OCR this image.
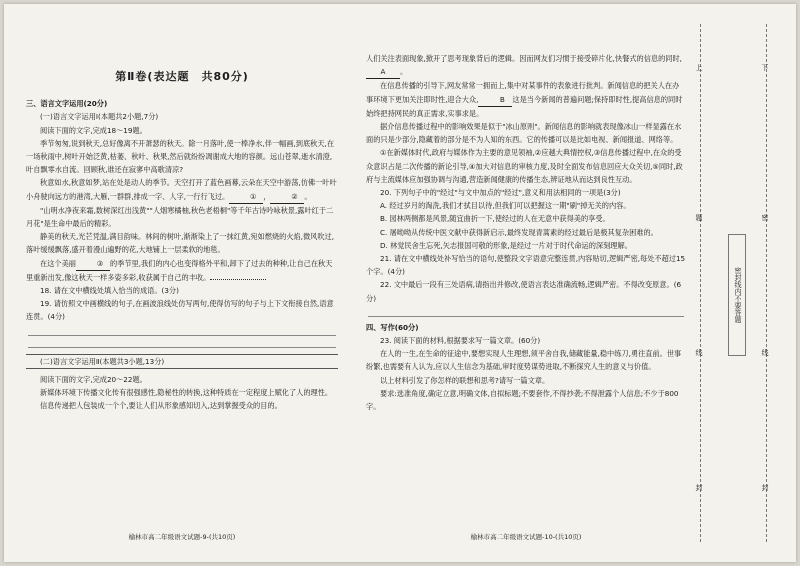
第Ⅱ卷(表达题　共80分)

三、语言文字运用(20分)

(一)语言文字运用Ⅰ(本题共2小题,7分)

阅读下面的文字,完成18～19题。

季节匆匆,说到秋天,总好像离不开萧瑟的秋天。除一月落叶,使一棒净水,伴一幅画,到底秋天,在一场秋雨中,树叶开始泛黄,枯萎、秋叶、秋果,然后就纷纷凋谢成大地的容颜。远山苍翠,逝水清澄,叶自飘零水自流。回顾秋,谁还在寂寥中高歌清凉?

秋意如水,秋意如梦,站在处是动人的季节。天空打开了蓝色画幕,云朵在天空中游荡,仿佛一叶叶小舟驶向远方的港湾,大雁,一群群,排成一字、人字,一行行飞过。	① ，	② 。

"山明水净夜来霜,数树深红出浅黄""人烟寒橘柚,秋色老梧桐"等千年古诗吟咏秋景,露叶红于二月花"是生命中最后的精彩。

静美的秋天,光芒凭温,满目韵味。林间的树叶,渐渐染上了一抹红黄,宛如燃烧的火焰,微风吹过,落叶缓缓飘落,盛开着漫山遍野的花,大地铺上一层柔软的地毯。

在这个美丽	③ 的季节里,我们的内心也变得格外平和,卸下了过去的种种,让自己在秋天里重新出发,像这秋天一样多姿多彩,收获属于自己的丰收。

18. 请在文中横线处填入恰当的成语。(3分)

19. 请仿照文中画横线的句子,在画波浪线处仿写两句,使得仿写的句子与上下文衔接自然,语意连贯。(4分)

(二)语言文字运用Ⅱ(本题共3小题,13分)

阅读下面的文字,完成20～22题。

新媒体环境下传播文化传有很强感性,隐秘性的转换,这种特质在一定程度上赋化了人的理性。

信息传递把人包装成一个个,要让人们从形象感知切入,达到掌握受众的目的。

榆林市高二年级语文试题-9-(共10页)

人们关注表面现象,掀开了思考现象背后的逻辑。因而网友们习惯于接受碎片化,快餐式的信息的同时,A 。

在信息传播的引导下,网友常常一拥而上,集中对某事件的表象进行批判。新闻信息的把关人在办事环境下更加关注即时性,迎合大众,	B 这是当今新闻的普遍问题;保持即时性,提高信息的同时始终把持网民的真正需求,实事求是。

据介信息传播过程中的影响效果是似于"冰山原则"。新闻信息的影响就表现像冰山一样显露在水面的只是少部分,隐藏着的部分是不为人知的东西。它的传播可以是比如电视、新闻报道、网络等。

①在新媒体时代,政府与媒体作为主要的意见领袖,②应越大典情控权,③信息传播过程中,在众的受众意识占是二次传播的新论引导,④加大对信息的审核力度,及时全面发布信息回应大众关切,⑤同时,政府与主流媒体应加强协调与沟通,营造新闻健康的传播生态,辨证地从而达到良性互动。

20. 下列句子中的"经过"与文中加点的"经过",意义和用法相同的一项是(3分)

A. 经过岁月的淘洗,我们才拭目以待,但我们可以把握这一期"刷"掉无关的内容。

B. 园林两侧都是风景,随宜曲折一下,使经过的人在无意中获得美的享受。

C. 屠呦呦从传统中医文献中获得新启示,最终发现青蒿素的经过最后是极其复杂困难的。

D. 林觉民舍生忘死,矢志报国可敬的形象,是经过一片对于时代命运的深刻理解。

21. 请在文中横线处补写恰当的语句,使整段文字语意完整连贯,内容贴切,逻辑严密,每处不超过15个字。(4分)

22. 文中最后一段有三处语病,请指出并修改,使语言表达准确流畅,逻辑严密。不得改变原意。(6分)

四、写作(60分)

23. 阅读下面的材料,根据要求写一篇文章。(60分)

在人的一生,在生命的征途中,要想实现人生理想,须平舍自我,储藏能量,稳中练刀,勇往直前。世事纷繁,也需要有人认为,应以人生信念为基础,审时度势谋势进取,不断探究人生的意义与价值。

以上材料引发了你怎样的联想和思考?请写一篇文章。

要求:选准角度,确定立意,明确文体,自拟标题;不要套作,不得抄袭;不得泄露个人信息;不少于800字。

榆林市高二年级语文试题-10-(共10页)
上	下
题	密
线	线
封	封
密封线内不要答题
